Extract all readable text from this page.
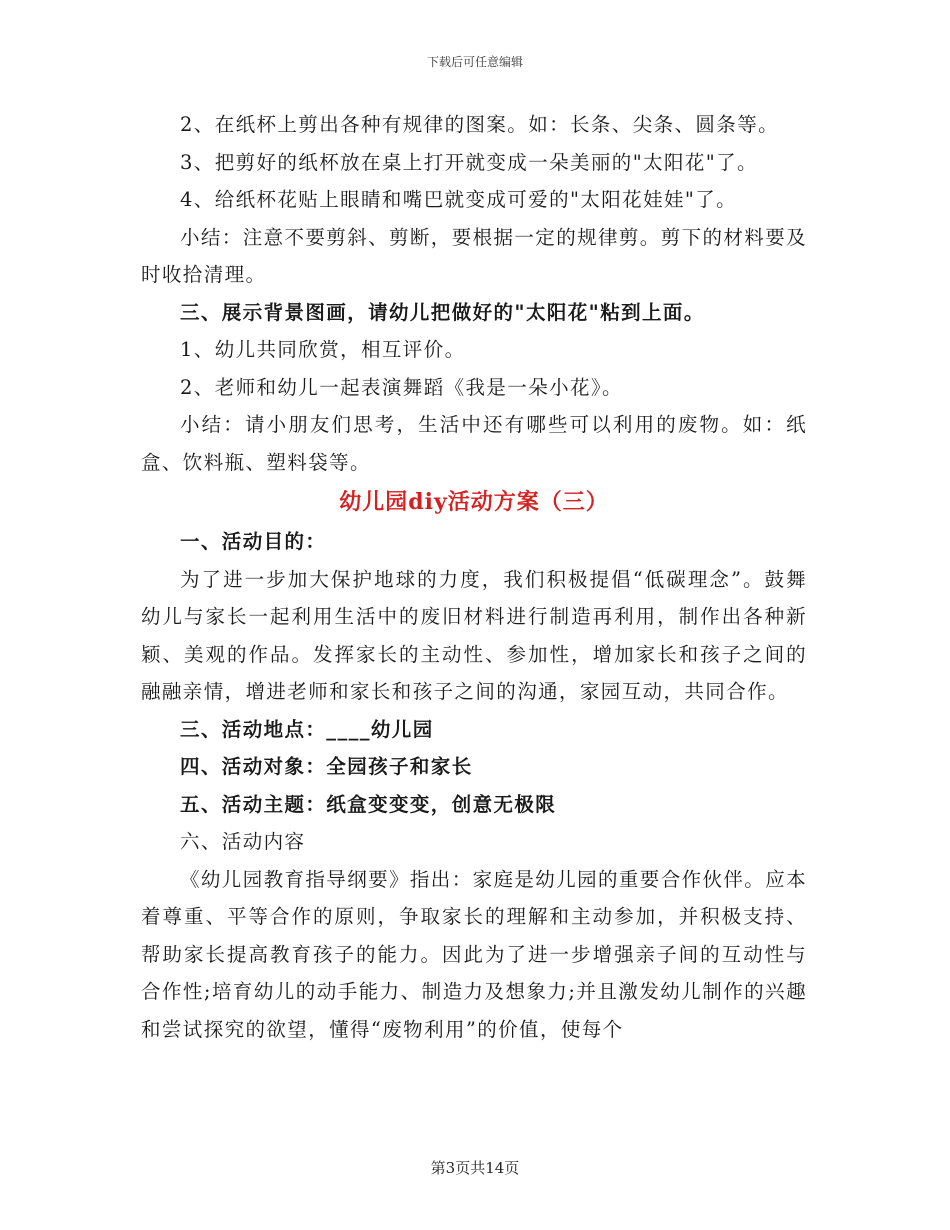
下载后可任意编辑

2、在纸杯上剪出各种有规律的图案。如：长条、尖条、圆条等。

3、把剪好的纸杯放在桌上打开就变成一朵美丽的"太阳花"了。

4、给纸杯花贴上眼睛和嘴巴就变成可爱的"太阳花娃娃"了。

小结：注意不要剪斜、剪断，要根据一定的规律剪。剪下的材料要及时收拾清理。

三、展示背景图画，请幼儿把做好的"太阳花"粘到上面。

1、幼儿共同欣赏，相互评价。

2、老师和幼儿一起表演舞蹈《我是一朵小花》。

小结：请小朋友们思考，生活中还有哪些可以利用的废物。如：纸盒、饮料瓶、塑料袋等。

幼儿园diy活动方案（三）

一、活动目的：

为了进一步加大保护地球的力度，我们积极提倡“低碳理念”。鼓舞幼儿与家长一起利用生活中的废旧材料进行制造再利用，制作出各种新颖、美观的作品。发挥家长的主动性、参加性，增加家长和孩子之间的融融亲情，增进老师和家长和孩子之间的沟通，家园互动，共同合作。

三、活动地点：____幼儿园

四、活动对象：全园孩子和家长

五、活动主题：纸盒变变变，创意无极限

六、活动内容

《幼儿园教育指导纲要》指出：家庭是幼儿园的重要合作伙伴。应本着尊重、平等合作的原则，争取家长的理解和主动参加，并积极支持、帮助家长提高教育孩子的能力。因此为了进一步增强亲子间的互动性与合作性;培育幼儿的动手能力、制造力及想象力;并且激发幼儿制作的兴趣和尝试探究的欲望，懂得“废物利用”的价值，使每个

第3页共14页
